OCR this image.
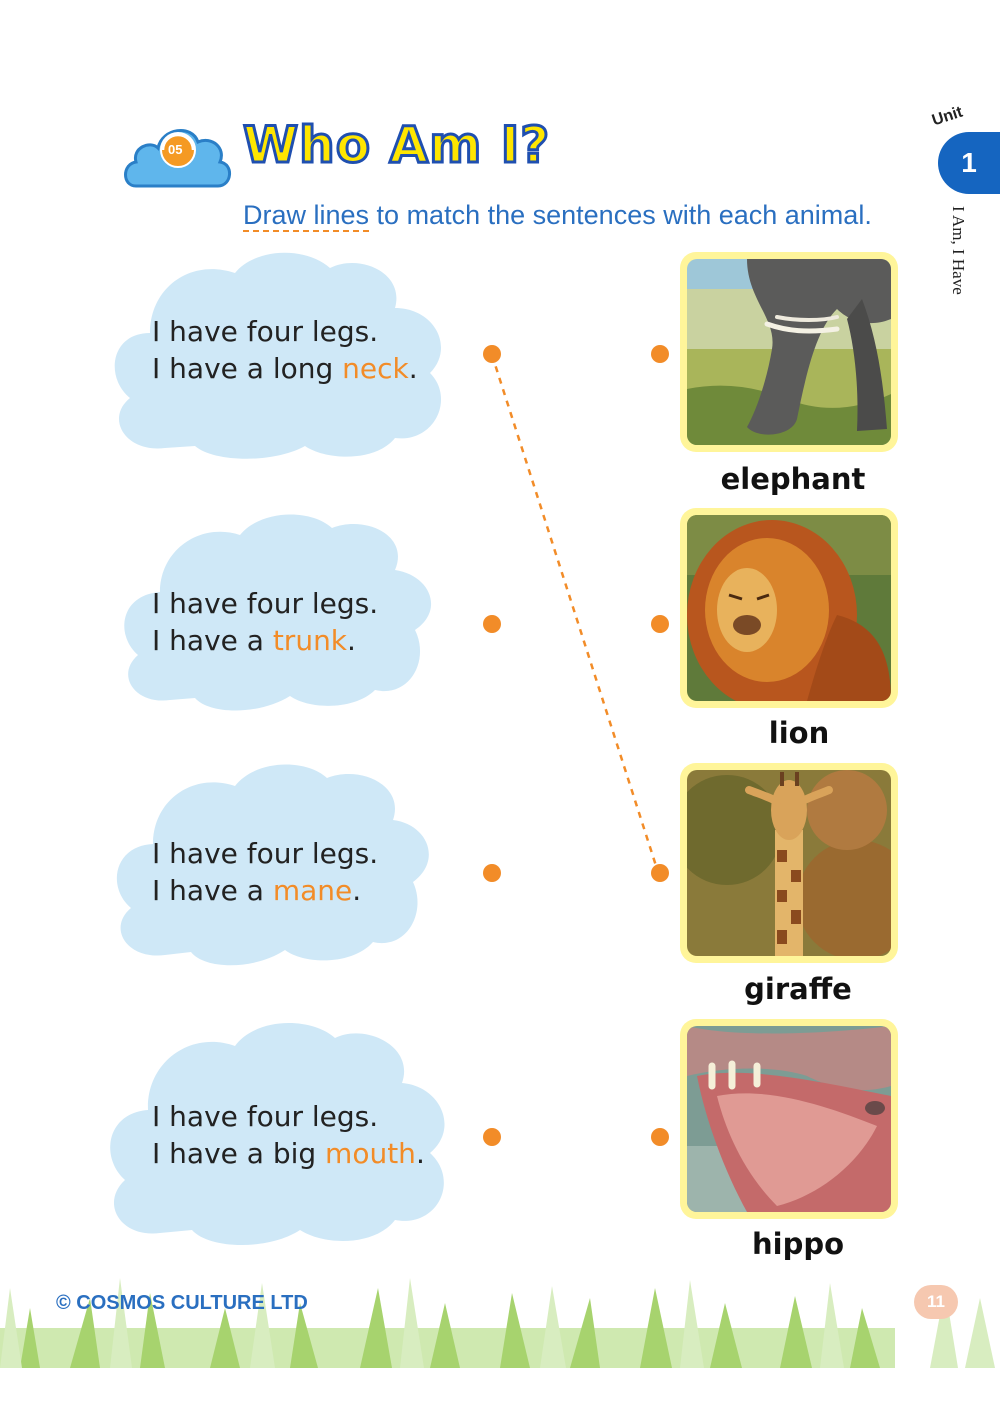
05 Who Am I?
Draw lines to match the sentences with each animal.
Unit
1
I Am, I Have
I have four legs.
I have a long neck.
I have four legs.
I have a trunk.
I have four legs.
I have a mane.
I have four legs.
I have a big mouth.
elephant
lion
giraffe
hippo
© COSMOS CULTURE LTD	11
